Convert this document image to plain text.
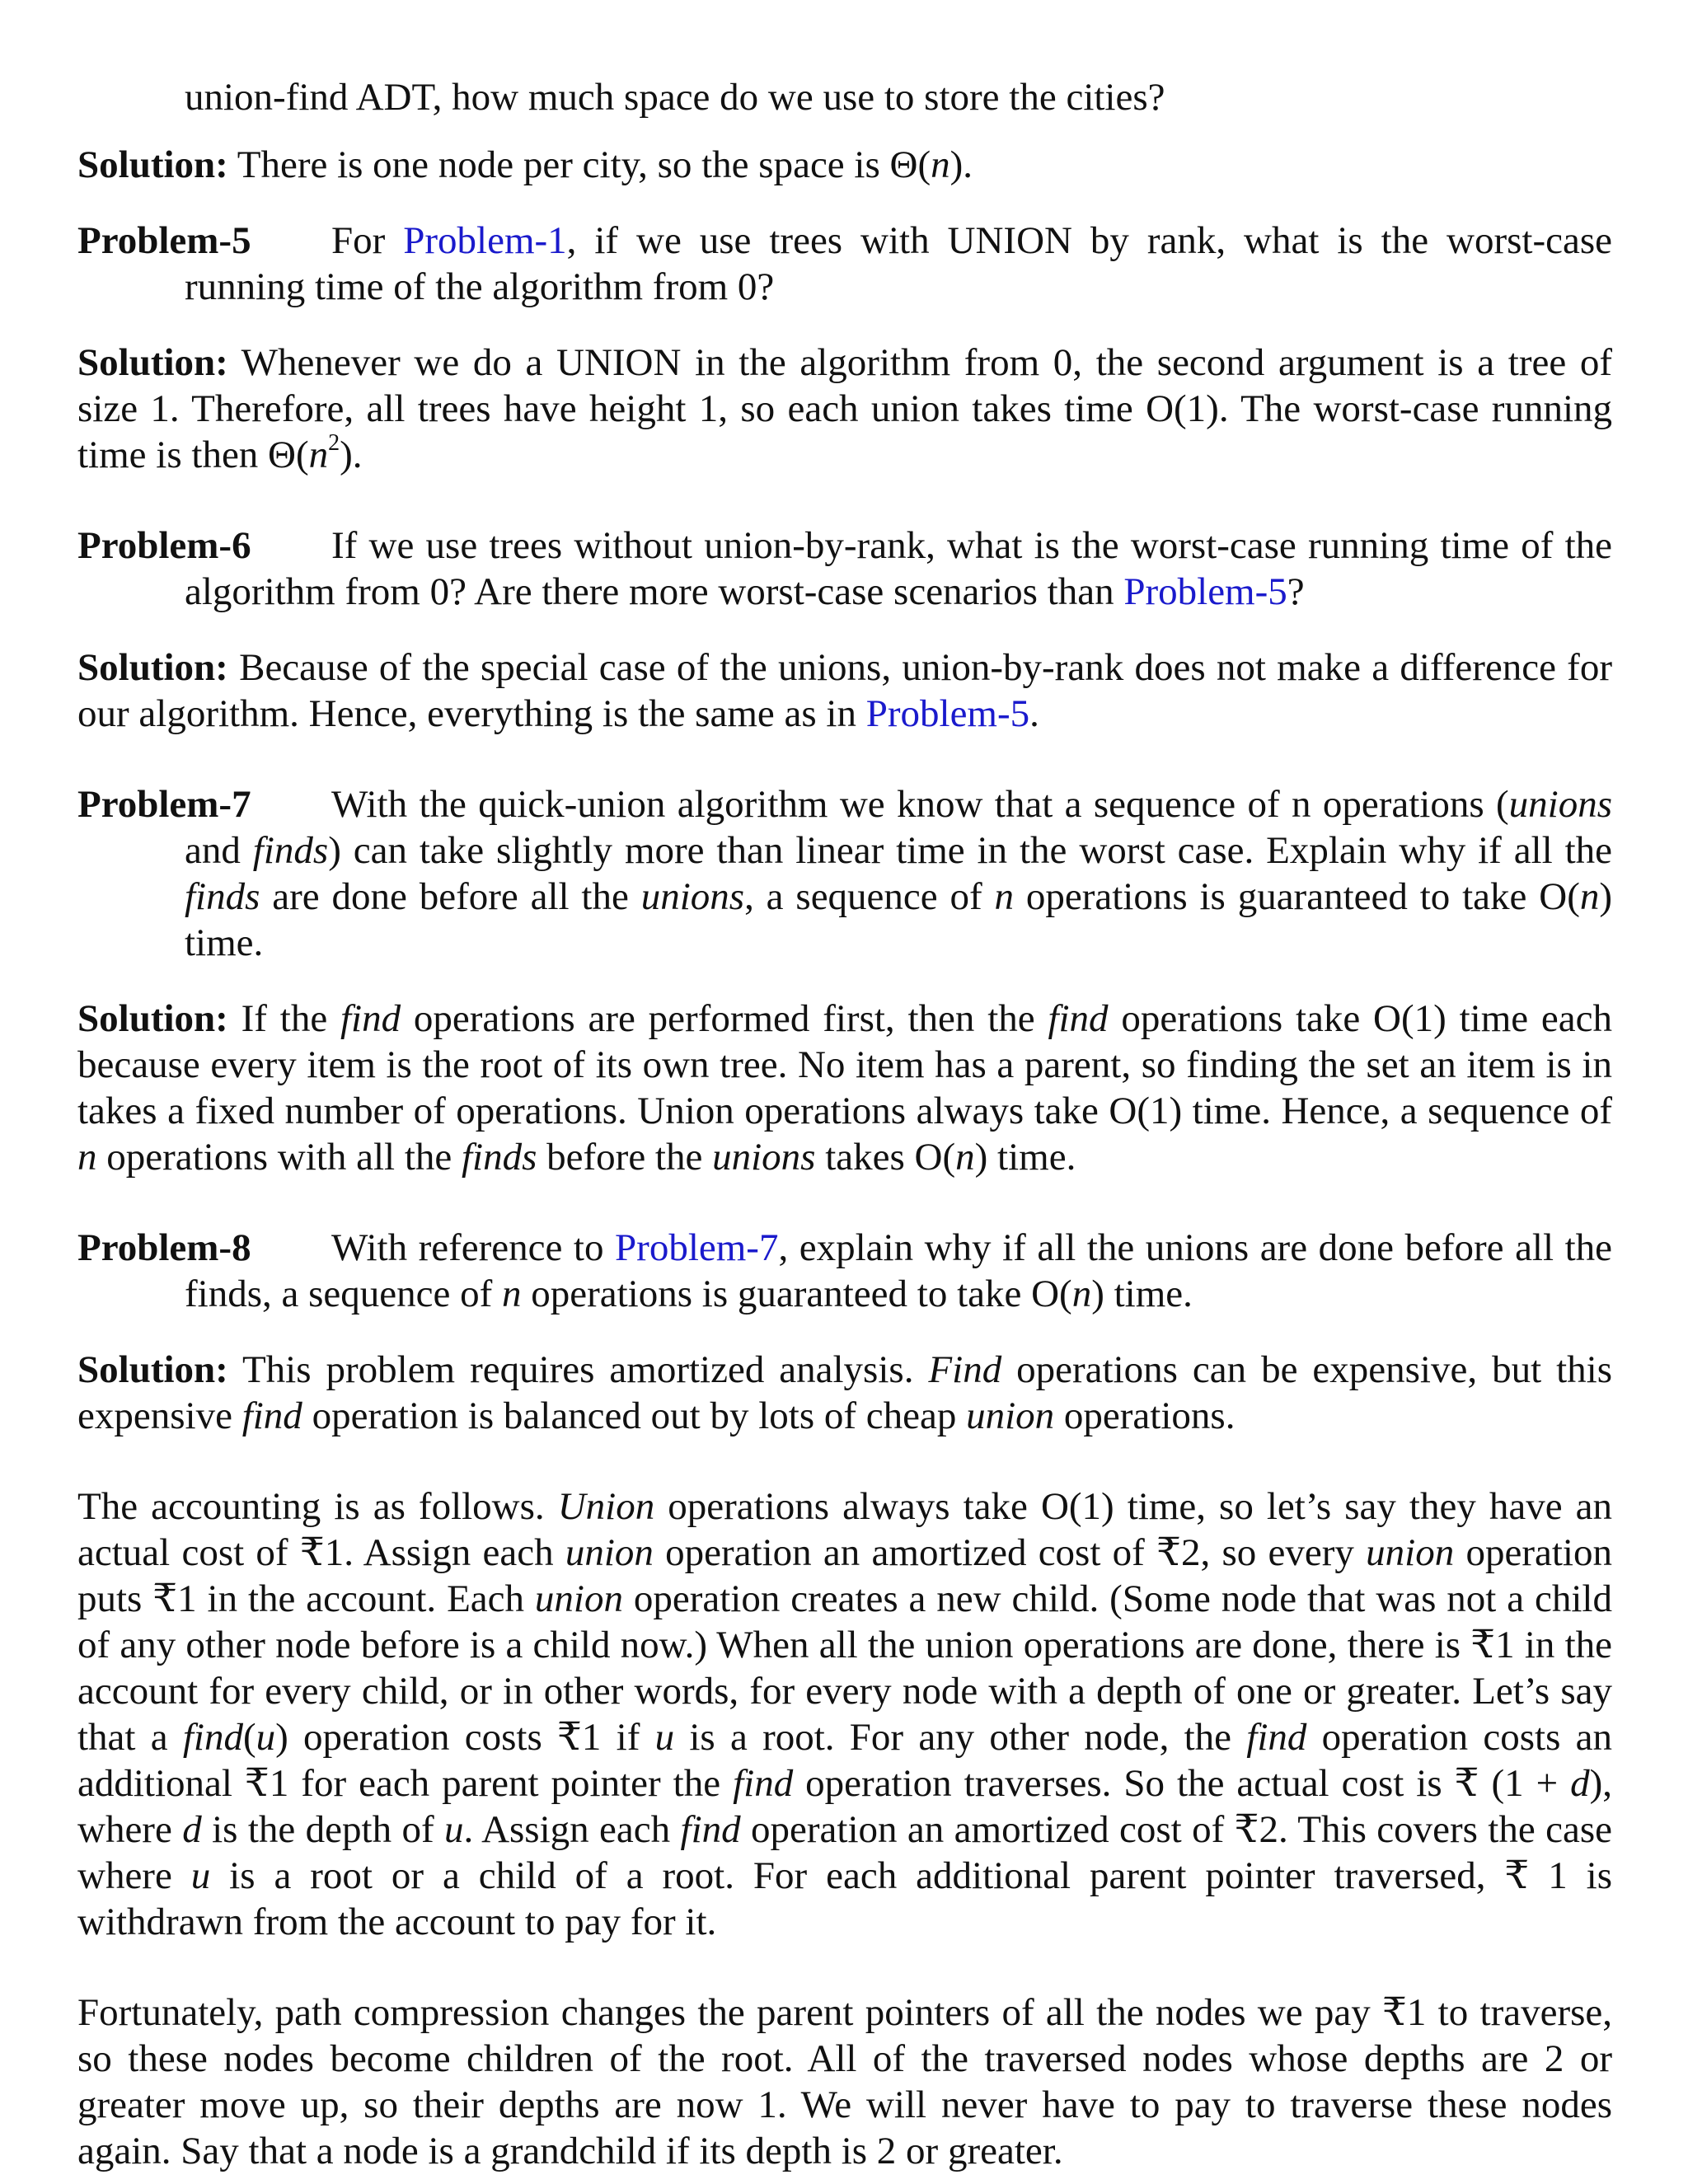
union-find ADT, how much space do we use to store the cities?
Solution: There is one node per city, so the space is Θ(n).
Problem-5 For Problem-1, if we use trees with UNION by rank, what is the worst-case running time of the algorithm from 0?
Solution: Whenever we do a UNION in the algorithm from 0, the second argument is a tree of size 1. Therefore, all trees have height 1, so each union takes time O(1). The worst-case running time is then $\Theta(n^2)$.
Problem-6 If we use trees without union-by-rank, what is the worst-case running time of the algorithm from 0? Are there more worst-case scenarios than Problem-5?
Solution: Because of the special case of the unions, union-by-rank does not make a difference for our algorithm. Hence, everything is the same as in Problem-5.
Problem-7 With the quick-union algorithm we know that a sequence of n operations (unions and finds) can take slightly more than linear time in the worst case. Explain why if all the finds are done before all the unions, a sequence of n operations is guaranteed to take O(n) time.
Solution: If the find operations are performed first, then the find operations take O(1) time each because every item is the root of its own tree. No item has a parent, so finding the set an item is in takes a fixed number of operations. Union operations always take O(1) time. Hence, a sequence of n operations with all the finds before the unions takes O(n) time.
Problem-8 With reference to Problem-7, explain why if all the unions are done before all the finds, a sequence of n operations is guaranteed to take O(n) time.
Solution: This problem requires amortized analysis. Find operations can be expensive, but this expensive find operation is balanced out by lots of cheap union operations.
The accounting is as follows. Union operations always take O(1) time, so let’s say they have an actual cost of ₹1. Assign each union operation an amortized cost of ₹2, so every union operation puts ₹1 in the account. Each union operation creates a new child. (Some node that was not a child of any other node before is a child now.) When all the union operations are done, there is ₹1 in the account for every child, or in other words, for every node with a depth of one or greater. Let’s say that a find(u) operation costs ₹1 if u is a root. For any other node, the find operation costs an additional ₹1 for each parent pointer the find operation traverses. So the actual cost is ₹ (1 + d), where d is the depth of u. Assign each find operation an amortized cost of ₹2. This covers the case where u is a root or a child of a root. For each additional parent pointer traversed, ₹ 1 is withdrawn from the account to pay for it.
Fortunately, path compression changes the parent pointers of all the nodes we pay ₹1 to traverse, so these nodes become children of the root. All of the traversed nodes whose depths are 2 or greater move up, so their depths are now 1. We will never have to pay to traverse these nodes again. Say that a node is a grandchild if its depth is 2 or greater.
